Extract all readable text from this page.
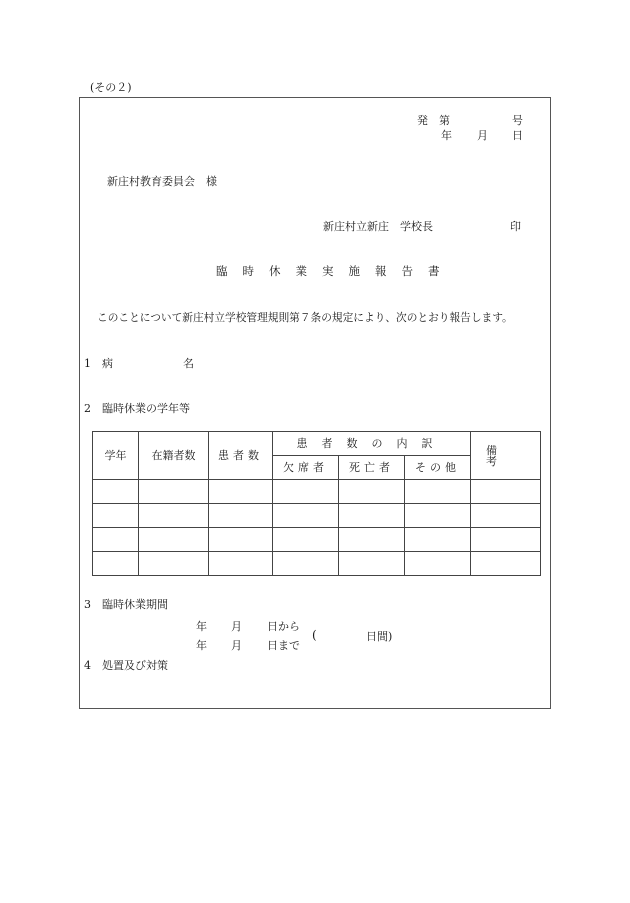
(その２)
発　第	号
年 月 日
新庄村教育委員会　様
新庄村立新庄　学校長	印
臨時休業実施報告書
このことについて新庄村立学校管理規則第７条の規定により、次のとおり報告します。
1 病	名
2 臨時休業の学年等
学年	在籍者数	患者数	患者数の内訳			備考
			欠席者	死亡者	その他	

3 臨時休業期間
年 月 日から
年 月 日まで
(	日間)
4 処置及び対策
